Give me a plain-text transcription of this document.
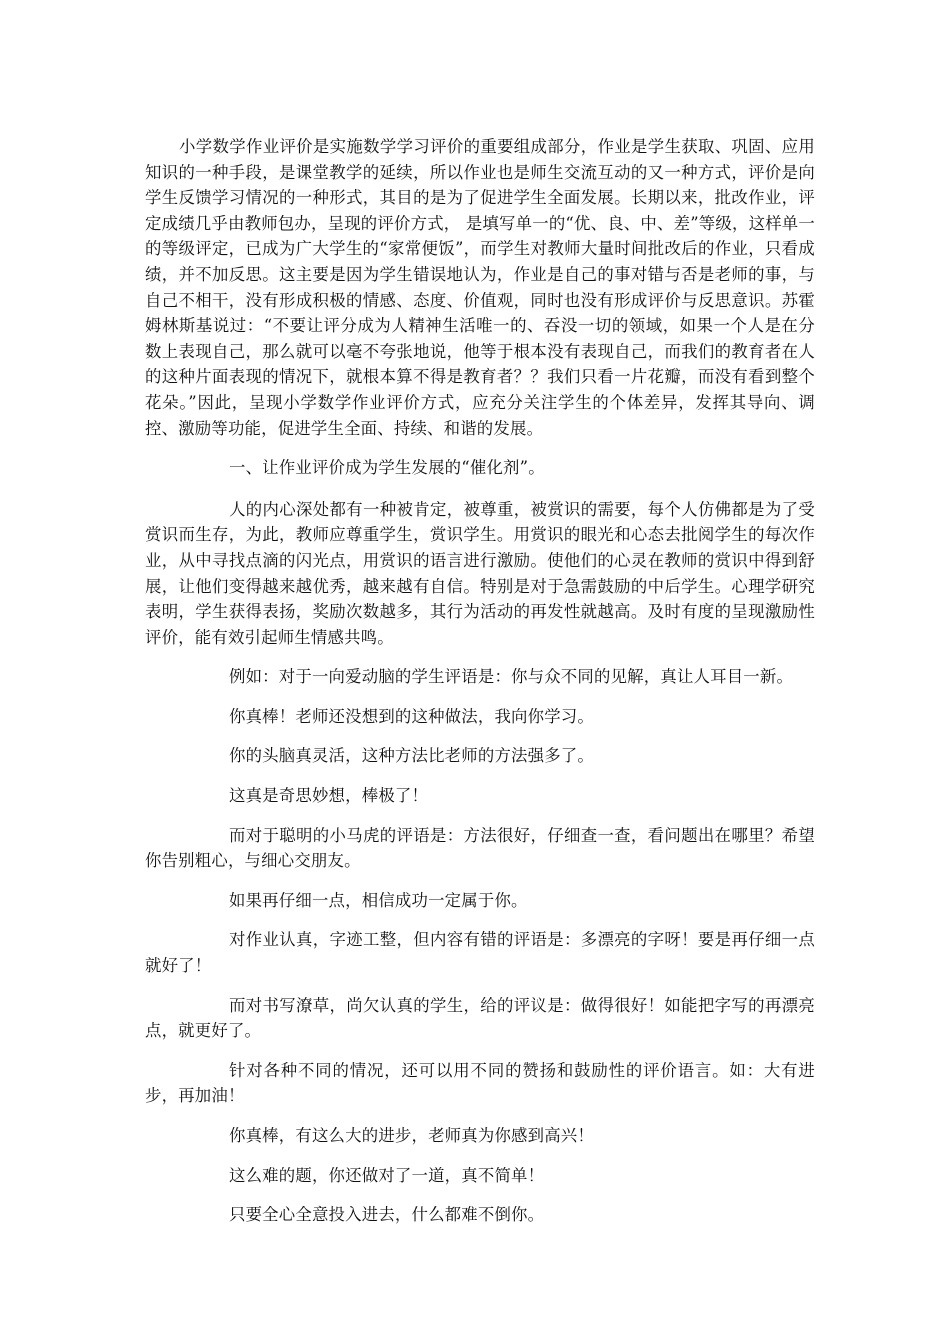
小学数学作业评价是实施数学学习评价的重要组成部分，作业是学生获取、巩固、应用知识的一种手段，是课堂教学的延续，所以作业也是师生交流互动的又一种方式，评价是向学生反馈学习情况的一种形式，其目的是为了促进学生全面发展。长期以来，批改作业，评定成绩几乎由教师包办，呈现的评价方式， 是填写单一的“优、良、中、差”等级，这样单一的等级评定，已成为广大学生的“家常便饭”，而学生对教师大量时间批改后的作业，只看成绩，并不加反思。这主要是因为学生错误地认为，作业是自己的事对错与否是老师的事，与自己不相干，没有形成积极的情感、态度、价值观，同时也没有形成评价与反思意识。苏霍姆林斯基说过：“不要让评分成为人精神生活唯一的、吞没一切的领域，如果一个人是在分数上表现自己，那么就可以毫不夸张地说，他等于根本没有表现自己，而我们的教育者在人的这种片面表现的情况下，就根本算不得是教育者？？我们只看一片花瓣，而没有看到整个花朵。”因此，呈现小学数学作业评价方式，应充分关注学生的个体差异，发挥其导向、调控、激励等功能，促进学生全面、持续、和谐的发展。

一、让作业评价成为学生发展的“催化剂”。

人的内心深处都有一种被肯定，被尊重，被赏识的需要，每个人仿佛都是为了受赏识而生存，为此，教师应尊重学生，赏识学生。用赏识的眼光和心态去批阅学生的每次作业，从中寻找点滴的闪光点，用赏识的语言进行激励。使他们的心灵在教师的赏识中得到舒展，让他们变得越来越优秀，越来越有自信。特别是对于急需鼓励的中后学生。心理学研究表明，学生获得表扬，奖励次数越多，其行为活动的再发性就越高。及时有度的呈现激励性评价，能有效引起师生情感共鸣。

例如：对于一向爱动脑的学生评语是：你与众不同的见解，真让人耳目一新。

你真棒！老师还没想到的这种做法，我向你学习。

你的头脑真灵活，这种方法比老师的方法强多了。

这真是奇思妙想，棒极了！

而对于聪明的小马虎的评语是：方法很好，仔细查一查，看问题出在哪里？希望你告别粗心，与细心交朋友。

如果再仔细一点，相信成功一定属于你。

对作业认真，字迹工整，但内容有错的评语是：多漂亮的字呀！要是再仔细一点就好了！

而对书写潦草，尚欠认真的学生，给的评议是：做得很好！如能把字写的再漂亮点，就更好了。

针对各种不同的情况，还可以用不同的赞扬和鼓励性的评价语言。如：大有进步，再加油！

你真棒，有这么大的进步，老师真为你感到高兴！

这么难的题，你还做对了一道，真不简单！

只要全心全意投入进去，什么都难不倒你。
